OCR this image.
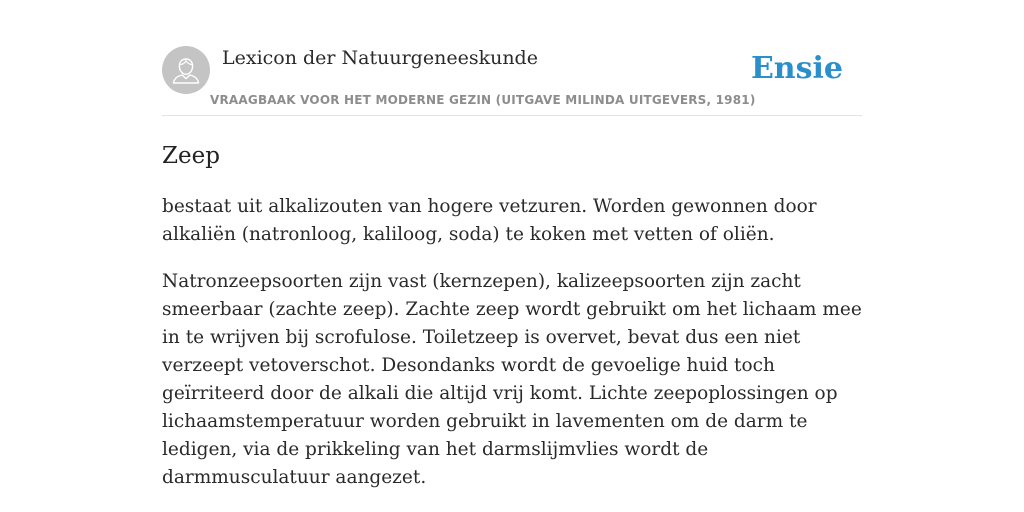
Lexicon der Natuurgeneeskunde
VRAAGBAAK VOOR HET MODERNE GEZIN (UITGAVE MILINDA UITGEVERS, 1981)
Ensie
Zeep

bestaat uit alkalizouten van hogere vetzuren. Worden gewonnen door alkaliën (natronloog, kaliloog, soda) te koken met vetten of oliën.

Natronzeepsoorten zijn vast (kernzepen), kalizeepsoorten zijn zacht smeerbaar (zachte zeep). Zachte zeep wordt gebruikt om het lichaam mee in te wrijven bij scrofulose. Toiletzeep is overvet, bevat dus een niet verzeept vetoverschot. Desondanks wordt de gevoelige huid toch geïrriteerd door de alkali die altijd vrij komt. Lichte zeepoplossingen op lichaamstemperatuur worden gebruikt in lavementen om de darm te ledigen, via de prikkeling van het darmslijmvlies wordt de darmmusculatuur aangezet.
